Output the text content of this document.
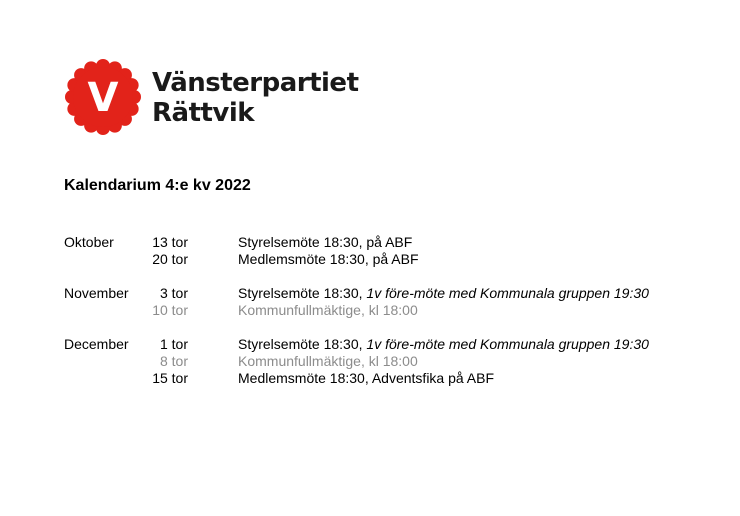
V Vänsterpartiet
Rättvik
Kalendarium 4:e kv 2022
Oktober	13 tor	Styrelsemöte 18:30, på ABF
20 tor	Medlemsmöte 18:30, på ABF
November	3 tor	Styrelsemöte 18:30, 1v före-möte med Kommunala gruppen 19:30
10 tor	Kommunfullmäktige, kl 18:00
December	1 tor	Styrelsemöte 18:30, 1v före-möte med Kommunala gruppen 19:30
8 tor	Kommunfullmäktige, kl 18:00
15 tor	Medlemsmöte 18:30, Adventsfika på ABF
